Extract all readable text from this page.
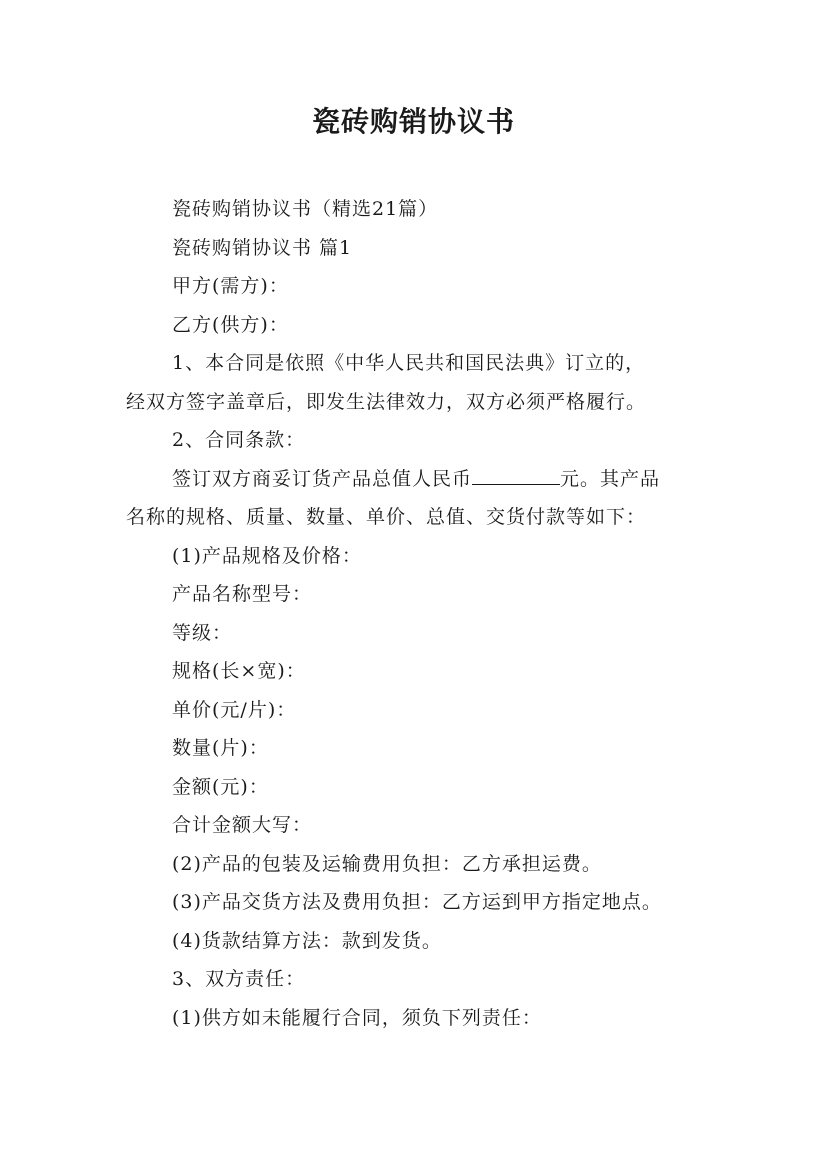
瓷砖购销协议书
瓷砖购销协议书（精选21篇）
瓷砖购销协议书 篇1
甲方(需方)：
乙方(供方)：
1、本合同是依照《中华人民共和国民法典》订立的，
经双方签字盖章后，即发生法律效力，双方必须严格履行。
2、合同条款：
签订双方商妥订货产品总值人民币	元。其产品
名称的规格、质量、数量、单价、总值、交货付款等如下：
(1)产品规格及价格：
产品名称型号：
等级：
规格(长×宽)：
单价(元/片)：
数量(片)：
金额(元)：
合计金额大写：
(2)产品的包装及运输费用负担：乙方承担运费。
(3)产品交货方法及费用负担：乙方运到甲方指定地点。
(4)货款结算方法：款到发货。
3、双方责任：
(1)供方如未能履行合同，须负下列责任：
